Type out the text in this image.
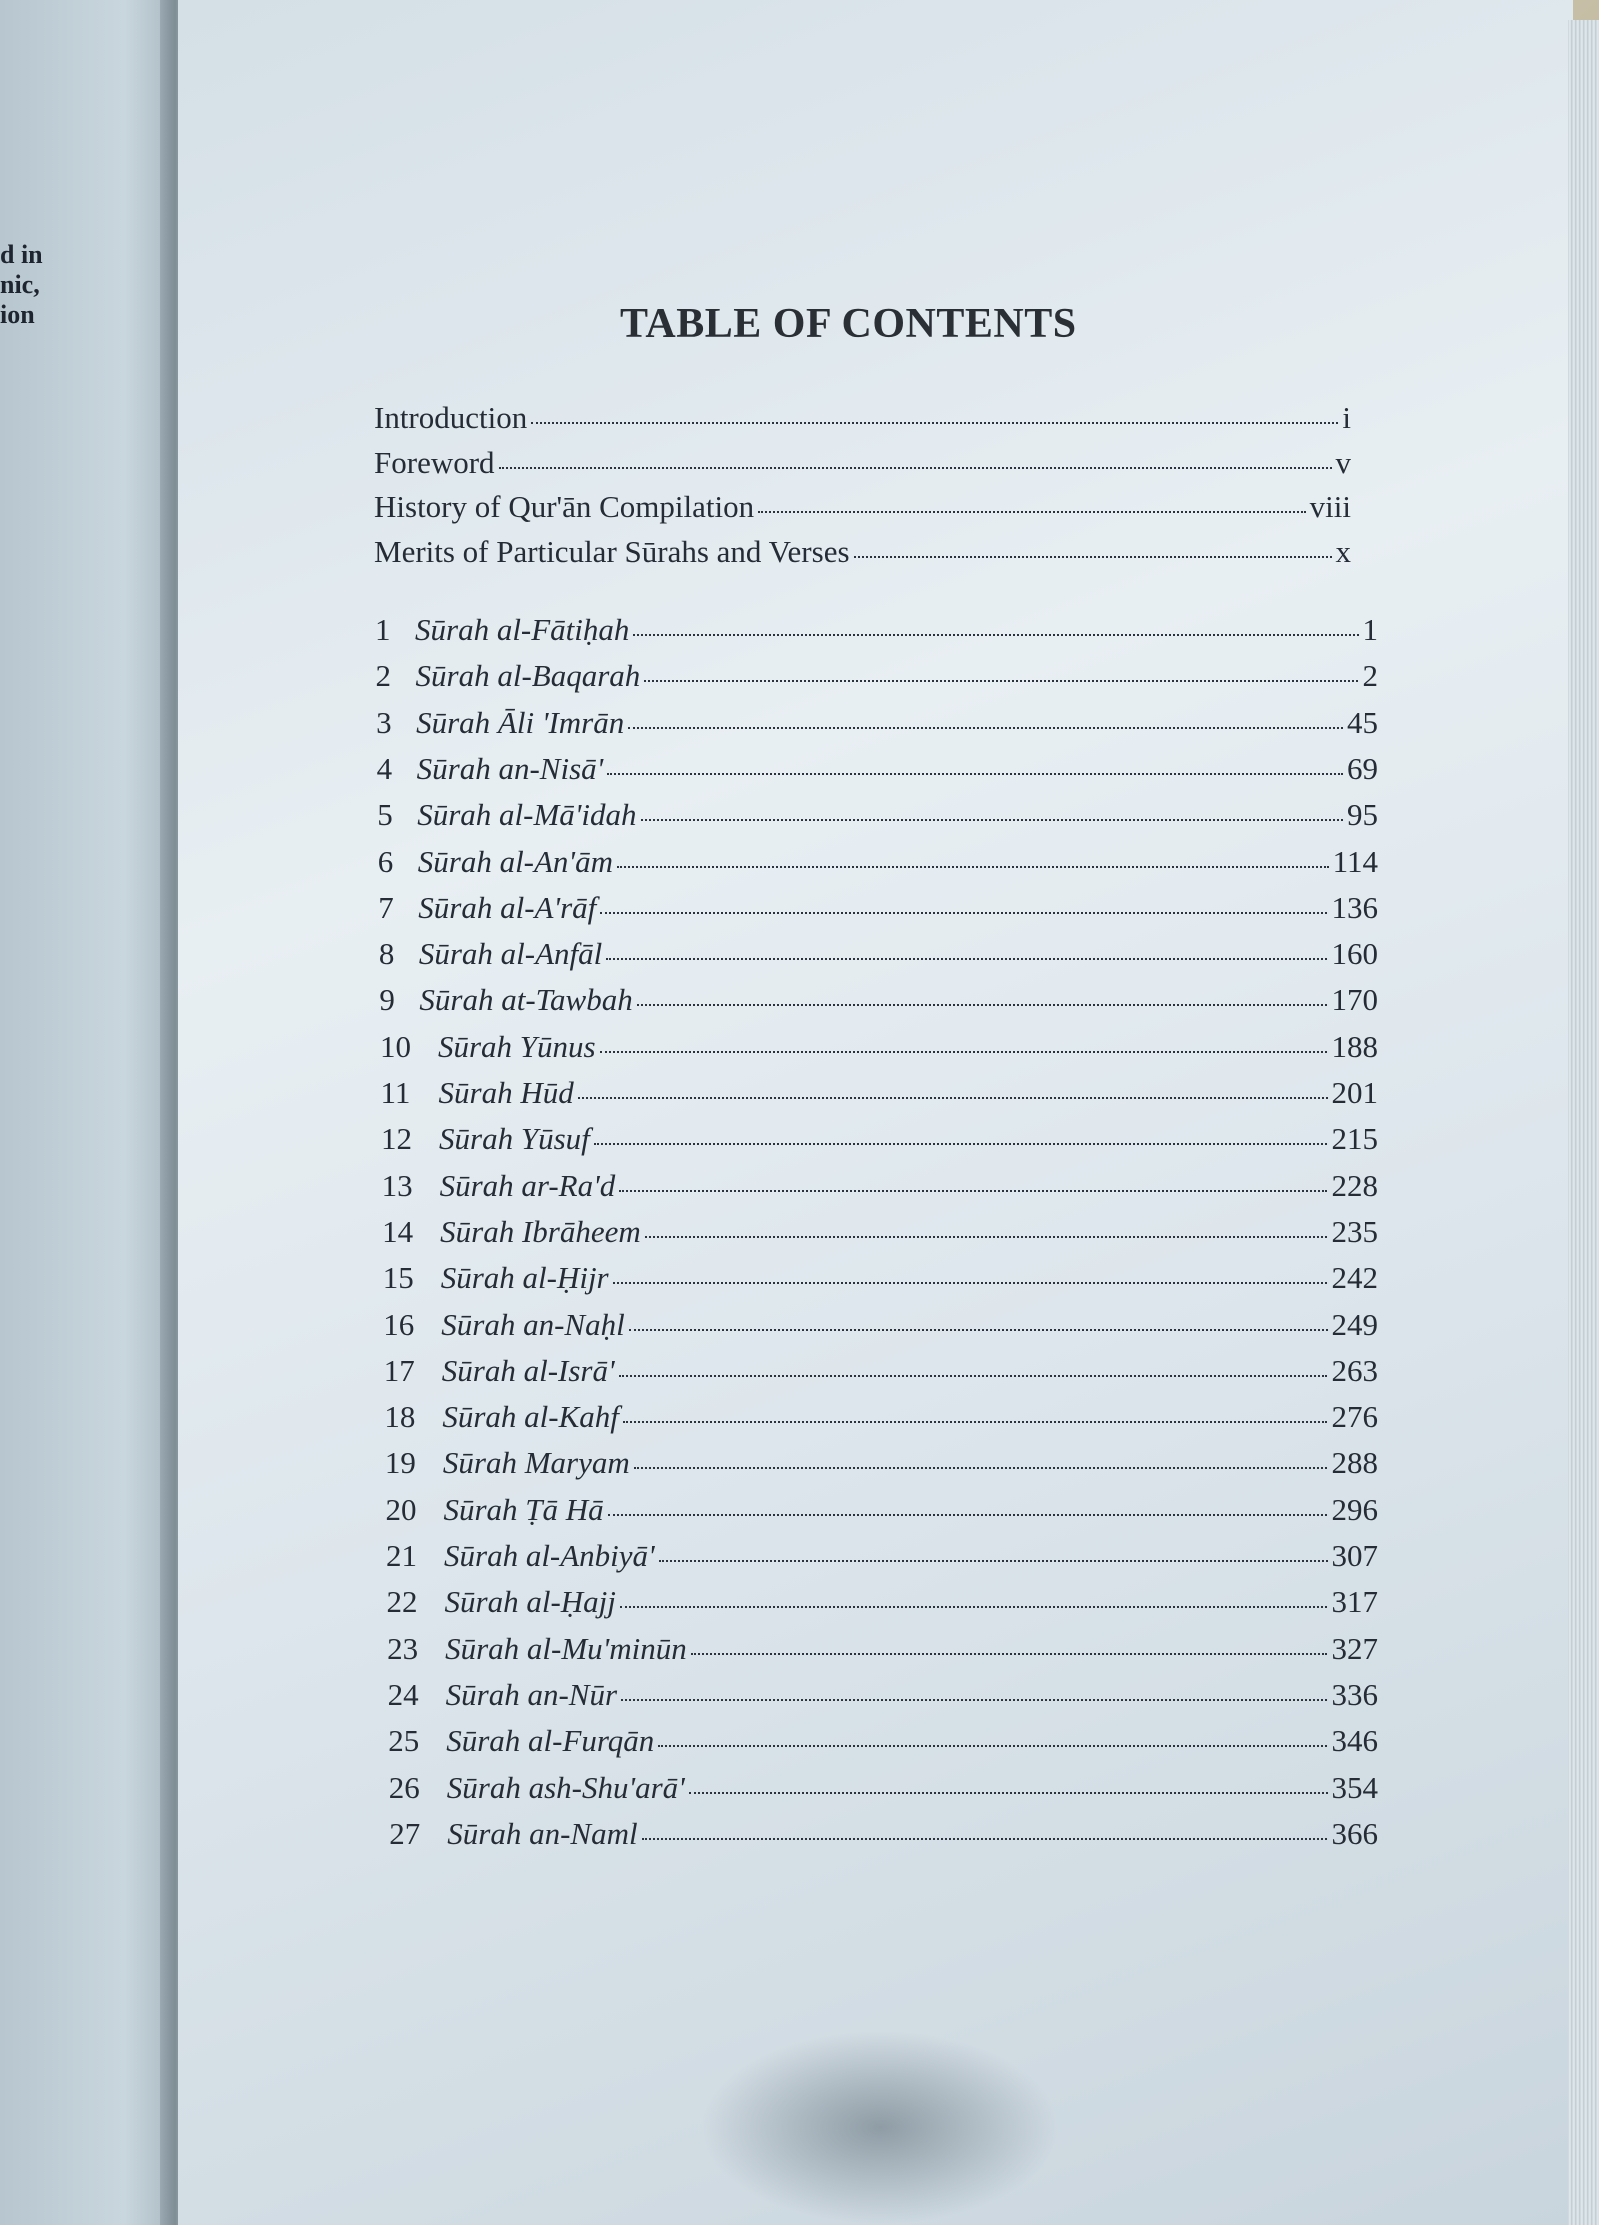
d in
nic,
ion	TABLE OF CONTENTS
Introduction	i
Foreword	v
History of Qur'ān Compilation	viii
Merits of Particular Sūrahs and Verses	x
1 Sūrah al-Fātiḥah	1
2 Sūrah al-Baqarah	2
3 Sūrah Āli 'Imrān	45
4 Sūrah an-Nisā'	69
5 Sūrah al-Mā'idah	95
6 Sūrah al-An'ām	114
7 Sūrah al-A'rāf	136
8 Sūrah al-Anfāl	160
9 Sūrah at-Tawbah	170
10 Sūrah Yūnus	188
11 Sūrah Hūd	201
12 Sūrah Yūsuf	215
13 Sūrah ar-Ra'd	228
14 Sūrah Ibrāheem	235
15 Sūrah al-Ḥijr	242
16 Sūrah an-Naḥl	249
17 Sūrah al-Isrā'	263
18 Sūrah al-Kahf	276
19 Sūrah Maryam	288
20 Sūrah Ṭā Hā	296
21 Sūrah al-Anbiyā'	307
22 Sūrah al-Ḥajj	317
23 Sūrah al-Mu'minūn	327
24 Sūrah an-Nūr	336
25 Sūrah al-Furqān	346
26 Sūrah ash-Shu'arā'	354
27 Sūrah an-Naml	366
